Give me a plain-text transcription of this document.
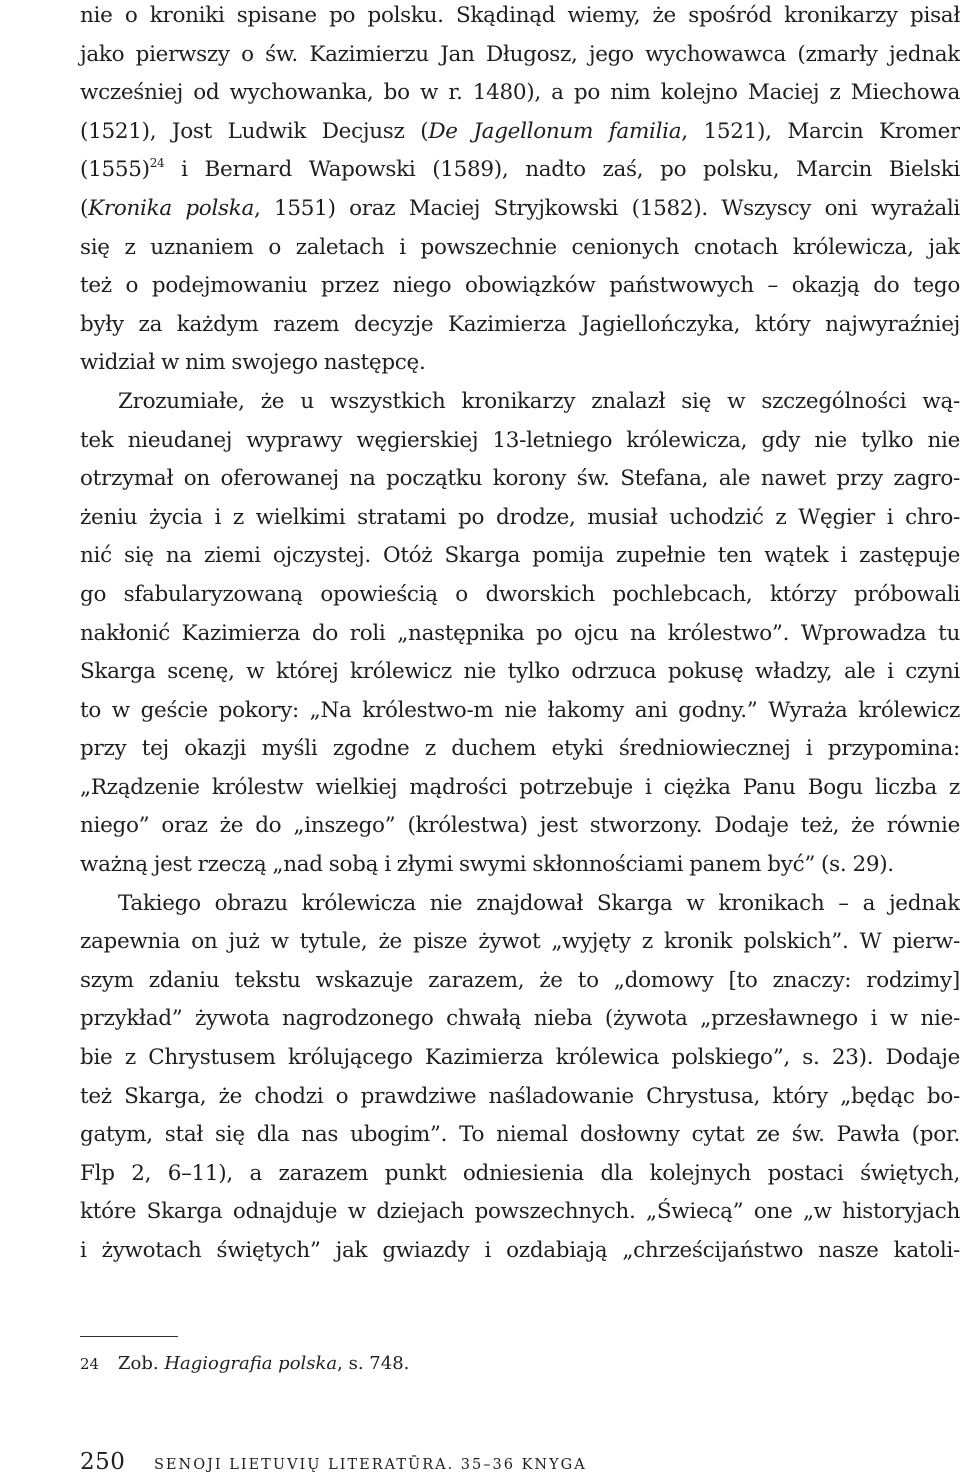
nie o kroniki spisane po polsku. Skądinąd wiemy, że spośród kronikarzy pisał
jako pierwszy o św. Kazimierzu Jan Długosz, jego wychowawca (zmarły jednak
wcześniej od wychowanka, bo w r. 1480), a po nim kolejno Maciej z Miechowa
(1521), Jost Ludwik Decjusz (De Jagellonum familia, 1521), Marcin Kromer
$(1555)^{24}$ i Bernard Wapowski (1589), nadto zaś, po polsku, Marcin Bielski
(Kronika polska, 1551) oraz Maciej Stryjkowski (1582). Wszyscy oni wyrażali
się z uznaniem o zaletach i powszechnie cenionych cnotach królewicza, jak
też o podejmowaniu przez niego obowiązków państwowych – okazją do tego
były za każdym razem decyzje Kazimierza Jagiellończyka, który najwyraźniej
widział w nim swojego następcę.
Zrozumiałe, że u wszystkich kronikarzy znalazł się w szczególności wą-
tek nieudanej wyprawy węgierskiej 13-letniego królewicza, gdy nie tylko nie
otrzymał on oferowanej na początku korony św. Stefana, ale nawet przy zagro-
żeniu życia i z wielkimi stratami po drodze, musiał uchodzić z Węgier i chro-
nić się na ziemi ojczystej. Otóż Skarga pomija zupełnie ten wątek i zastępuje
go sfabularyzowaną opowieścią o dworskich pochlebcach, którzy próbowali
nakłonić Kazimierza do roli „następnika po ojcu na królestwo”. Wprowadza tu
Skarga scenę, w której królewicz nie tylko odrzuca pokusę władzy, ale i czyni
to w geście pokory: „Na królestwo-m nie łakomy ani godny.” Wyraża królewicz
przy tej okazji myśli zgodne z duchem etyki średniowiecznej i przypomina:
„Rządzenie królestw wielkiej mądrości potrzebuje i ciężka Panu Bogu liczba z
niego” oraz że do „inszego” (królestwa) jest stworzony. Dodaje też, że równie
ważną jest rzeczą „nad sobą i złymi swymi skłonnościami panem być” (s. 29).
Takiego obrazu królewicza nie znajdował Skarga w kronikach – a jednak
zapewnia on już w tytule, że pisze żywot „wyjęty z kronik polskich”. W pierw-
szym zdaniu tekstu wskazuje zarazem, że to „domowy [to znaczy: rodzimy]
przykład” żywota nagrodzonego chwałą nieba (żywota „przesławnego i w nie-
bie z Chrystusem królującego Kazimierza królewica polskiego”, s. 23). Dodaje
też Skarga, że chodzi o prawdziwe naśladowanie Chrystusa, który „będąc bo-
gatym, stał się dla nas ubogim”. To niemal dosłowny cytat ze św. Pawła (por.
Flp 2, 6–11), a zarazem punkt odniesienia dla kolejnych postaci świętych,
które Skarga odnajduje w dziejach powszechnych. „Świecą” one „w historyjach
i żywotach świętych” jak gwiazdy i ozdabiają „chrześcijaństwo nasze katoli-
24 Zob. Hagiografia polska, s. 748.
250 SENOJI LIETUVIŲ LITERATŪRA. 35–36 KNYGA
